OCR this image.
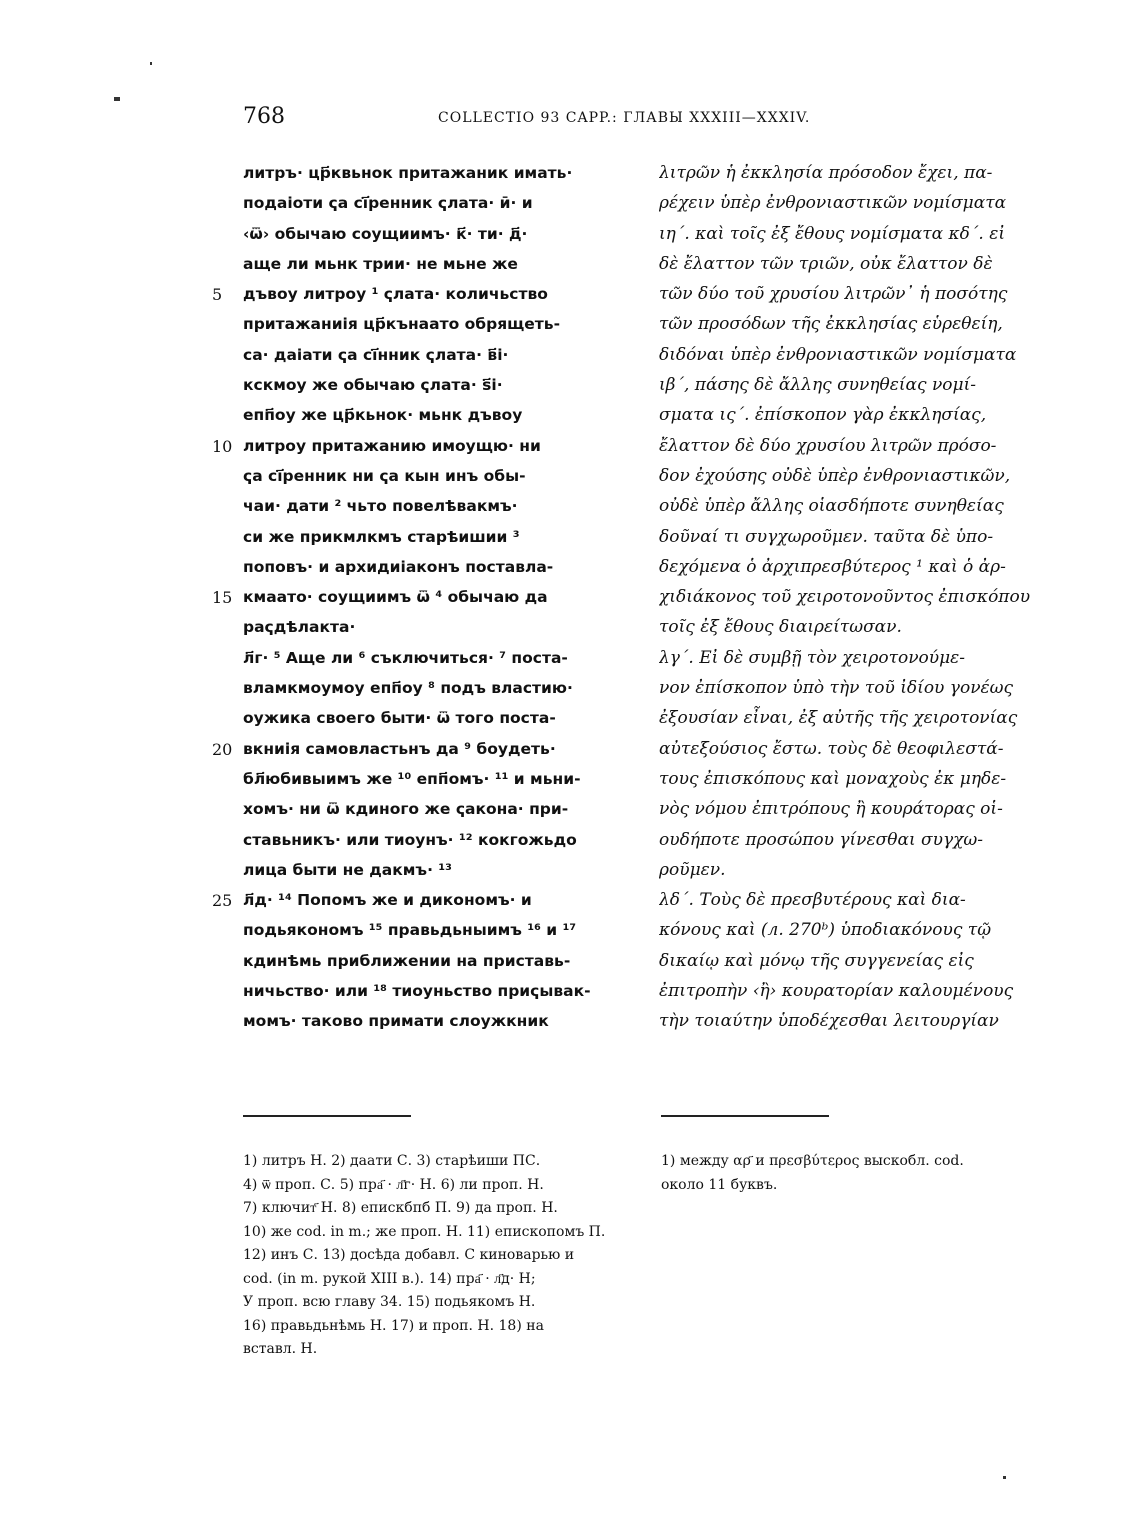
768	COLLECTIO 93 CAPP.: ГЛАВЫ XXXIII—XXXIV.
литръ· цр҃квьнок притажаник имать·
подаіоти ҁа сі҃ренник ҁлата· ӣ· и
‹ѿ› обычаю соущиимъ· к҃· ти· д҃·
аще ли мьнк трии· не мьне же
дъвоу литроу ¹ ҁлата· количьство
притажаниія цр҃кънаато обрящеть-
са· даіати ҁа сі҃нник ҁлата· в҃і·
кскмоу же обычаю ҁлата· ѕ҃і·
епп҃оу же цр҃кьнок· мьнк дъвоу
литроу притажанию имоущю· ни
ҁа сі҃ренник ни ҁа кын инъ обы-
чаи· дати ² чьто повелѣвакмъ·
си же прикмлкмъ старѣишии ³
поповъ· и архидиіаконъ поставла-
кмаато· соущиимъ ѿ ⁴ обычаю да
раҁдѣлакта·
л҃г· ⁵ Аще ли ⁶ съключиться· ⁷ поста-
вламкмоумоу епп҃оу ⁸ подъ властию·
оужика своего быти· ѿ того поста-
вкниія самовластьнъ да ⁹ боудеть·
бл҃юбивыимъ же ¹⁰ епп҃омъ· ¹¹ и мьни-
хомъ· ни ѿ кдиного же ҁакона· при-
ставьникъ· или тиоунъ· ¹² кокгожьдо
лица быти не дакмъ· ¹³
л҃д· ¹⁴ Попомъ же и дикономъ· и
подьякономъ ¹⁵ правьдьныимъ ¹⁶ и ¹⁷
кдинѣмь приближении на приставь-
ничьство· или ¹⁸ тиоуньство приҁывак-
момъ· таково примати слоужкник
5
10
15
20
25
λιτρῶν ἡ ἐκκλησία πρόσοδον ἔχει, πα-
ρέχειν ὑπὲρ ἐνθρονιαστικῶν νομίσματα
ιη΄. καὶ τοῖς ἐξ ἔθους νομίσματα κδ΄. εἰ
δὲ ἔλαττον τῶν τριῶν, οὐκ ἔλαττον δὲ
τῶν δύο τοῦ χρυσίου λιτρῶν᾿ ἡ ποσότης
τῶν προσόδων τῆς ἐκκλησίας εὑρεθείη,
διδόναι ὑπὲρ ἐνθρονιαστικῶν νομίσματα
ιβ΄, πάσης δὲ ἄλλης συνηθείας νομί-
σματα ις΄. ἐπίσκοπον γὰρ ἐκκλησίας,
ἔλαττον δὲ δύο χρυσίου λιτρῶν πρόσο-
δον ἐχούσης οὐδὲ ὑπὲρ ἐνθρονιαστικῶν,
οὐδὲ ὑπὲρ ἄλλης οἱασδήποτε συνηθείας
δοῦναί τι συγχωροῦμεν. ταῦτα δὲ ὑπο-
δεχόμενα ὁ ἀρχιπρεσβύτερος ¹ καὶ ὁ ἀρ-
χιδιάκονος τοῦ χειροτονοῦντος ἐπισκόπου
τοῖς ἐξ ἔθους διαιρείτωσαν.
λγ΄. Εἰ δὲ συμβῇ τὸν χειροτονούμε-
νον ἐπίσκοπον ὑπὸ τὴν τοῦ ἰδίου γονέως
ἐξουσίαν εἶναι, ἐξ αὐτῆς τῆς χειροτονίας
αὐτεξούσιος ἔστω. τοὺς δὲ θεοφιλεστά-
τους ἐπισκόπους καὶ μοναχοὺς ἐκ μηδε-
νὸς νόμου ἐπιτρόπους ἢ κουράτορας οἱ-
ουδήποτε προσώπου γίνεσθαι συγχω-
ροῦμεν.
λδ΄. Τοὺς δὲ πρεσβυτέρους καὶ δια-
κόνους καὶ (л. 270ᵇ) ὑποδιακόνους τῷ
δικαίῳ καὶ μόνῳ τῆς συγγενείας εἰς
ἐπιτροπὴν ‹ἢ› κουρατορίαν καλουμένους
τὴν τοιαύτην ὑποδέχεσθαι λειτουργίαν
1) литръ Н. 2) даати С. 3) старѣиши ПС.
4) ѿ проп. С. 5) пра҃ · л҃г· Н. 6) ли проп. Н.
7) ключит҃ Н. 8) епискбпб П. 9) да проп. Н.
10) же cod. in m.; же проп. Н. 11) епископомъ П.
12) инъ С. 13) досѣда добавл. С киноварью и
cod. (in m. рукой XIII в.). 14) пра҃ · л҃д· Н;
У проп. всю главу 34. 15) подьякомъ Н.
16) правьдьнѣмь Н. 17) и проп. Н. 18) на
вставл. Н.
1) между αρ҃ и πρεσβύτερος выскобл. cod.
около 11 буквъ.
